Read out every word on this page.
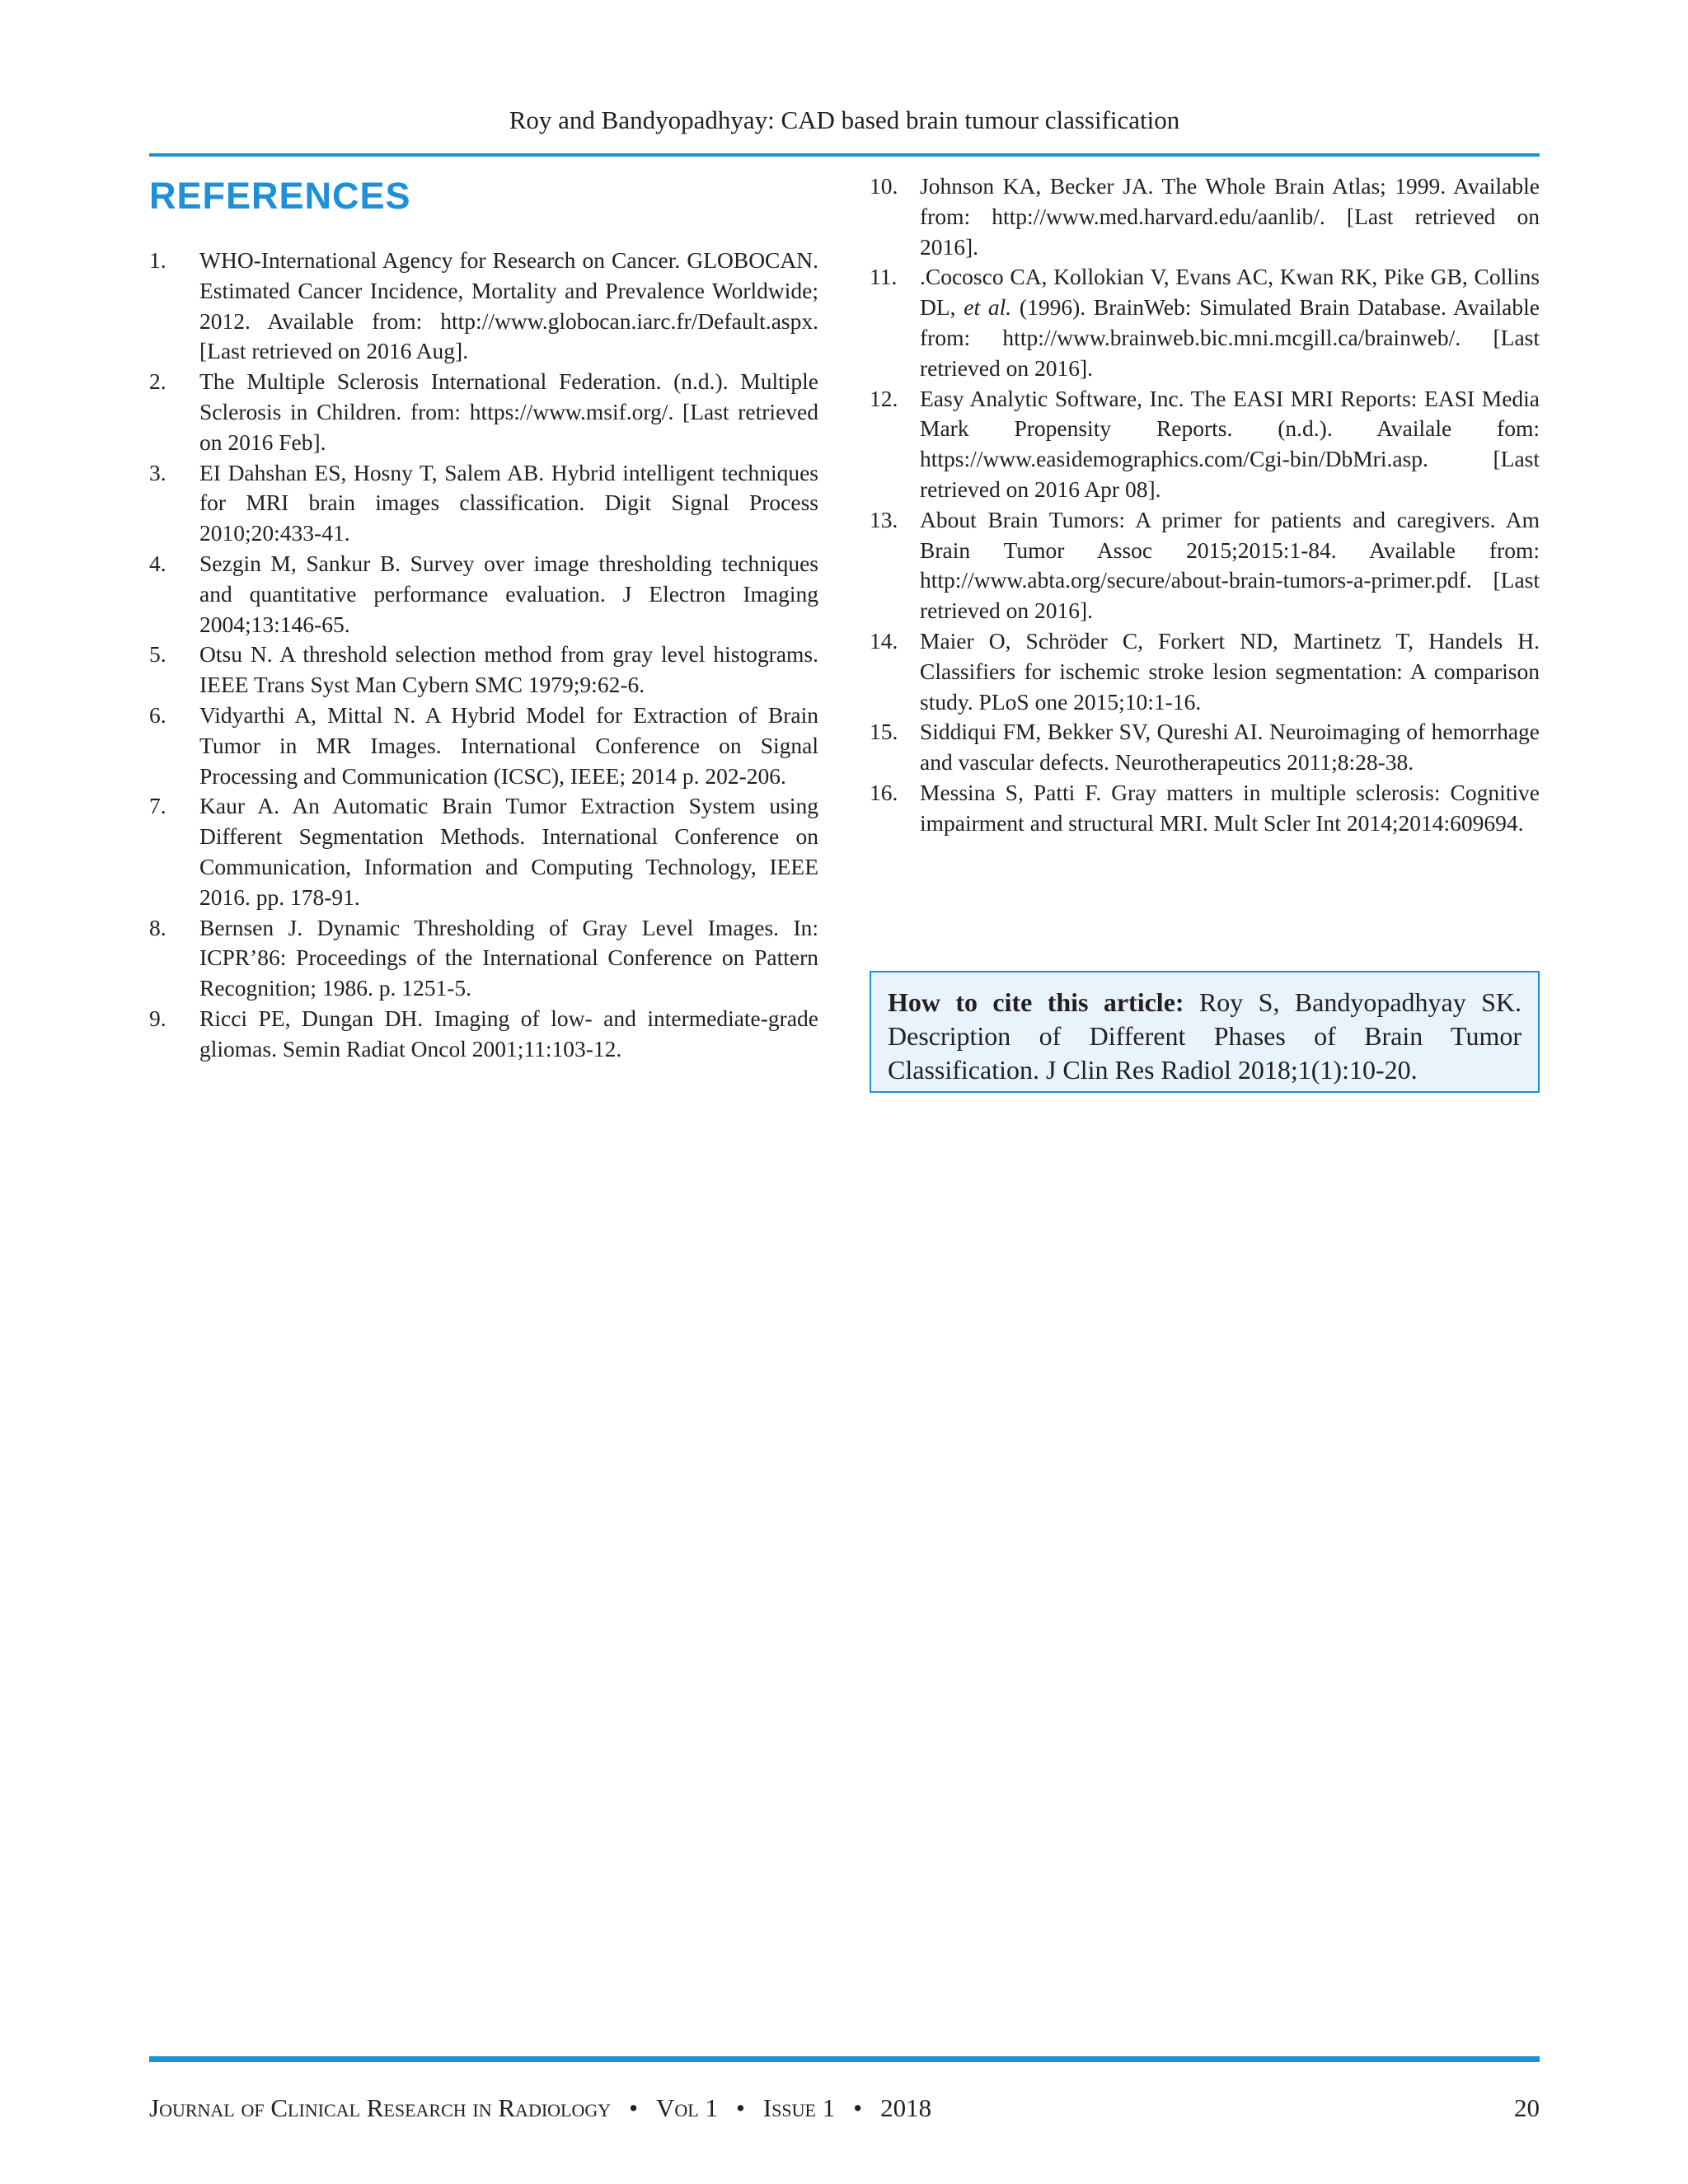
Roy and Bandyopadhyay: CAD based brain tumour classification
REFERENCES
1. WHO-International Agency for Research on Cancer. GLOBOCAN. Estimated Cancer Incidence, Mortality and Prevalence Worldwide; 2012. Available from: http://www.globocan.iarc.fr/Default.aspx. [Last retrieved on 2016 Aug].
2. The Multiple Sclerosis International Federation. (n.d.). Multiple Sclerosis in Children. from: https://www.msif.org/. [Last retrieved on 2016 Feb].
3. EI Dahshan ES, Hosny T, Salem AB. Hybrid intelligent techniques for MRI brain images classification. Digit Signal Process 2010;20:433-41.
4. Sezgin M, Sankur B. Survey over image thresholding techniques and quantitative performance evaluation. J Electron Imaging 2004;13:146-65.
5. Otsu N. A threshold selection method from gray level histograms. IEEE Trans Syst Man Cybern SMC 1979;9:62-6.
6. Vidyarthi A, Mittal N. A Hybrid Model for Extraction of Brain Tumor in MR Images. International Conference on Signal Processing and Communication (ICSC), IEEE; 2014 p. 202-206.
7. Kaur A. An Automatic Brain Tumor Extraction System using Different Segmentation Methods. International Conference on Communication, Information and Computing Technology, IEEE 2016. pp. 178-91.
8. Bernsen J. Dynamic Thresholding of Gray Level Images. In: ICPR’86: Proceedings of the International Conference on Pattern Recognition; 1986. p. 1251-5.
9. Ricci PE, Dungan DH. Imaging of low- and intermediate-grade gliomas. Semin Radiat Oncol 2001;11:103-12.
10. Johnson KA, Becker JA. The Whole Brain Atlas; 1999. Available from: http://www.med.harvard.edu/aanlib/. [Last retrieved on 2016].
11. .Cocosco CA, Kollokian V, Evans AC, Kwan RK, Pike GB, Collins DL, et al. (1996). BrainWeb: Simulated Brain Database. Available from: http://www.brainweb.bic.mni.mcgill.ca/brainweb/. [Last retrieved on 2016].
12. Easy Analytic Software, Inc. The EASI MRI Reports: EASI Media Mark Propensity Reports. (n.d.). Availale fom: https://www.easidemographics.com/Cgi-bin/DbMri.asp. [Last retrieved on 2016 Apr 08].
13. About Brain Tumors: A primer for patients and caregivers. Am Brain Tumor Assoc 2015;2015:1-84. Available from: http://www.abta.org/secure/about-brain-tumors-a-primer.pdf. [Last retrieved on 2016].
14. Maier O, Schröder C, Forkert ND, Martinetz T, Handels H. Classifiers for ischemic stroke lesion segmentation: A comparison study. PLoS one 2015;10:1-16.
15. Siddiqui FM, Bekker SV, Qureshi AI. Neuroimaging of hemorrhage and vascular defects. Neurotherapeutics 2011;8:28-38.
16. Messina S, Patti F. Gray matters in multiple sclerosis: Cognitive impairment and structural MRI. Mult Scler Int 2014;2014:609694.
How to cite this article: Roy S, Bandyopadhyay SK. Description of Different Phases of Brain Tumor Classification. J Clin Res Radiol 2018;1(1):10-20.
Journal of Clinical Research in Radiology • Vol 1 • Issue 1 • 2018	20
